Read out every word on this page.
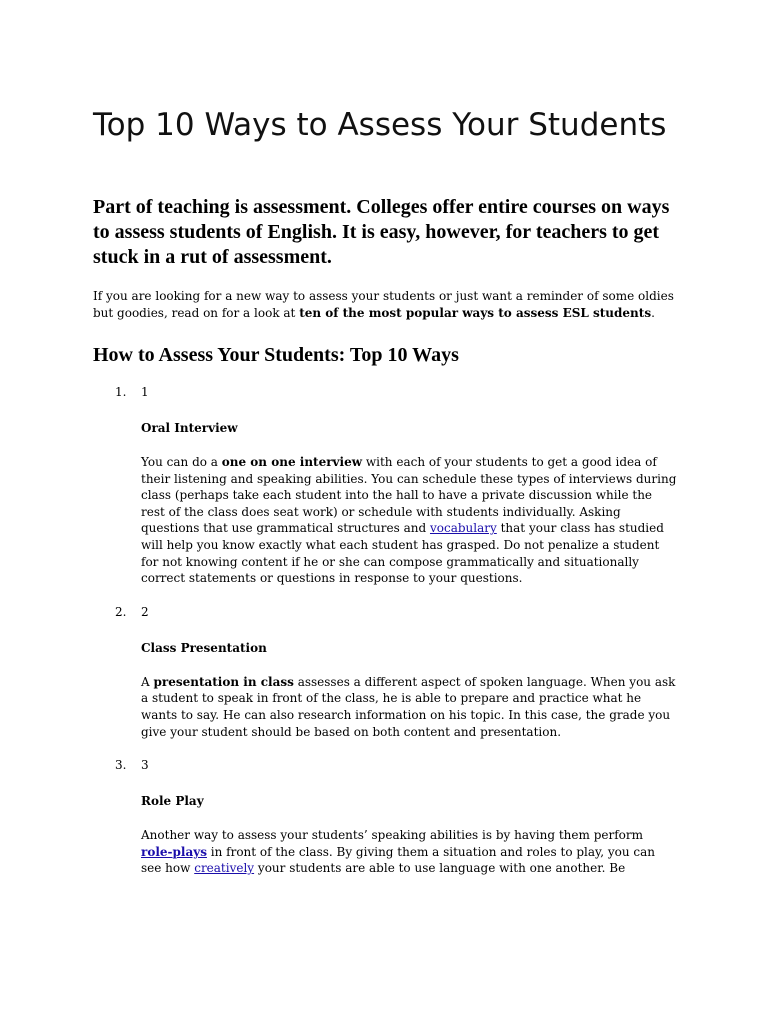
Top 10 Ways to Assess Your Students

Part of teaching is assessment. Colleges offer entire courses on ways to assess students of English. It is easy, however, for teachers to get stuck in a rut of assessment.

If you are looking for a new way to assess your students or just want a reminder of some oldies but goodies, read on for a look at ten of the most popular ways to assess ESL students.

How to Assess Your Students: Top 10 Ways
1. 1

Oral Interview

You can do a one on one interview with each of your students to get a good idea of their listening and speaking abilities. You can schedule these types of interviews during class (perhaps take each student into the hall to have a private discussion while the rest of the class does seat work) or schedule with students individually. Asking questions that use grammatical structures and vocabulary that your class has studied will help you know exactly what each student has grasped. Do not penalize a student for not knowing content if he or she can compose grammatically and situationally correct statements or questions in response to your questions.

2. 2

Class Presentation

A presentation in class assesses a different aspect of spoken language. When you ask a student to speak in front of the class, he is able to prepare and practice what he wants to say. He can also research information on his topic. In this case, the grade you give your student should be based on both content and presentation.

3. 3

Role Play

Another way to assess your students’ speaking abilities is by having them perform role-plays in front of the class. By giving them a situation and roles to play, you can see how creatively your students are able to use language with one another. Be
